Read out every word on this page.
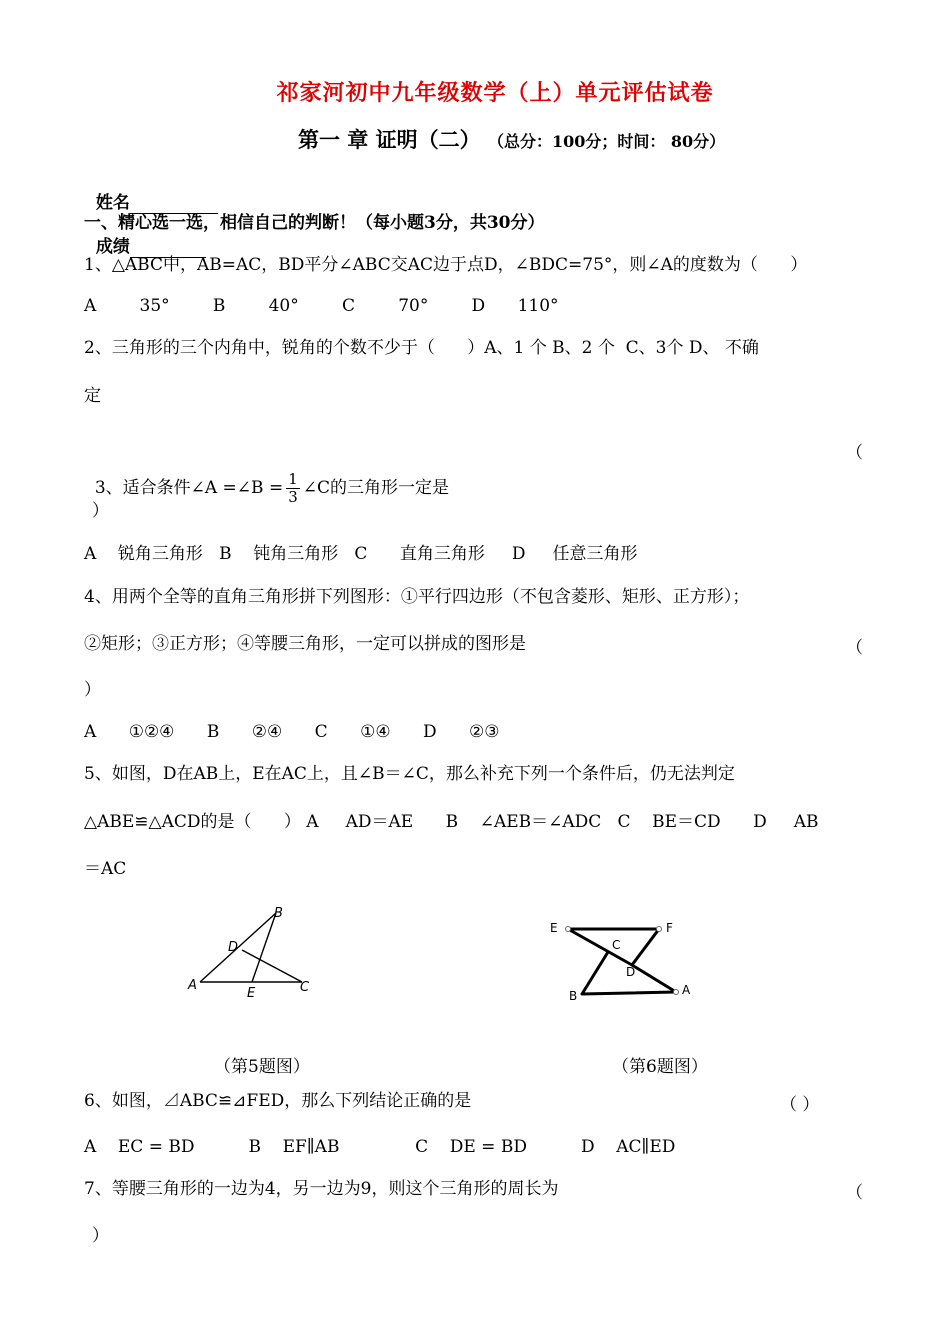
祁家河初中九年级数学（上）单元评估试卷
第一 章 证明（二） （总分：100分；时间： 80分）

姓名

成绩

一、精心选一选，相信自己的判断！（每小题3分，共30分）
1、△ABC中，AB=AC，BD平分∠ABC交AC边于点D，∠BDC=75°，则∠A的度数为（      ）
A        35°        B        40°        C        70°        D      110°
2、三角形的三个内角中，锐角的个数不少于（      ）A、1 个 B、2 个  C、3个 D、 不确
定

3、适合条件∠A =∠B = $\frac{1}{3}$ ∠C的三角形一定是

（
）
A    锐角三角形   B    钝角三角形   C      直角三角形     D     任意三角形
4、用两个全等的直角三角形拼下列图形：①平行四边形（不包含菱形、矩形、正方形）；
②矩形；③正方形；④等腰三角形，一定可以拼成的图形是	（
）
A      ①②④      B      ②④      C      ①④      D      ②③
5、如图，D在AB上，E在AC上，且∠B＝∠C，那么补充下列一个条件后，仍无法判定
△ABE≌△ACD的是（      ） A     AD＝AE      B    ∠AEB＝∠ADC   C    BE＝CD      D     AB
＝AC
A
B
C
D
E
E	F
C
D
B	A
（第5题图）	（第6题图）
6、如图，⊿ABC≌⊿FED，那么下列结论正确的是	（ ）
A    EC = BD          B    EF∥AB              C    DE = BD          D    AC∥ED
7、等腰三角形的一边为4，另一边为9，则这个三角形的周长为	（
）
